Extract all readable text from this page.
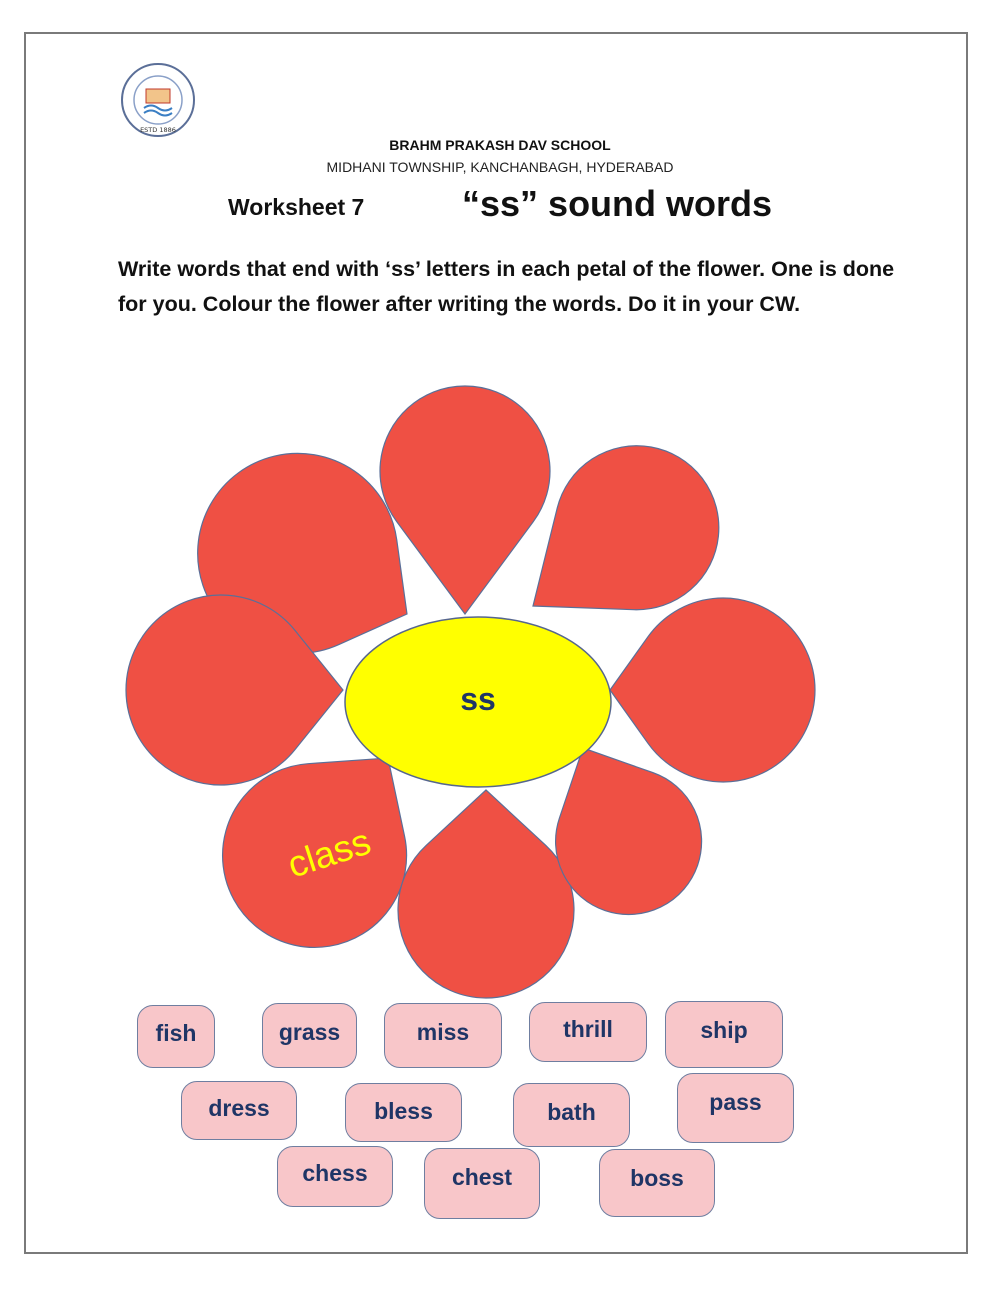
ESTD 1886
BRAHM PRAKASH DAV SCHOOL
MIDHANI TOWNSHIP, KANCHANBAGH, HYDERABAD
Worksheet 7	“ss” sound words
Write words that end with ‘ss’ letters in each petal of the flower. One is done for you. Colour the flower after writing the words. Do it in your CW.
ss
class
fish	grass	miss	thrill	ship
dress	bless	bath	pass
chess	chest	boss
